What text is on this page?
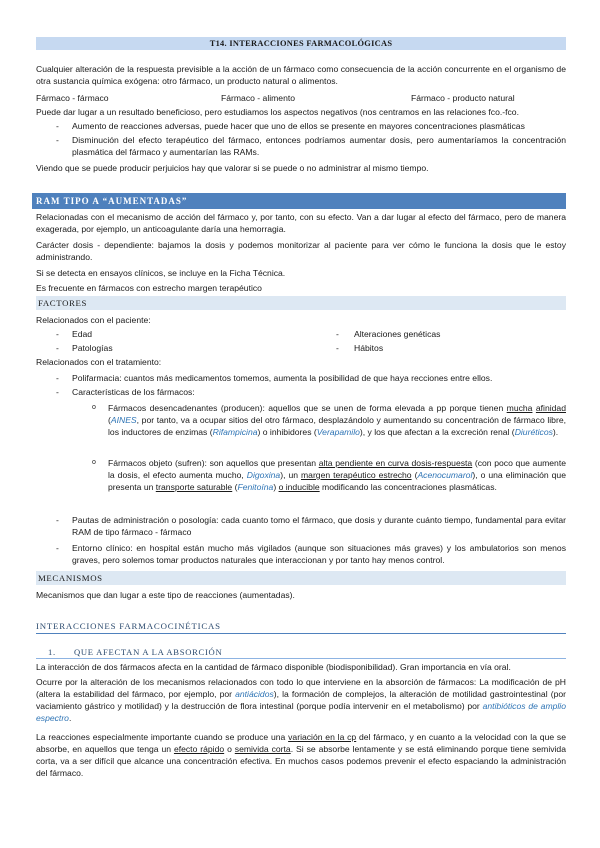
T14. INTERACCIONES FARMACOLÓGICAS
Cualquier alteración de la respuesta previsible a la acción de un fármaco como consecuencia de la acción concurrente en el organismo de otra sustancia química exógena: otro fármaco, un producto natural o alimentos.
Fármaco - fármaco	Fármaco - alimento	Fármaco - producto natural
Puede dar lugar a un resultado beneficioso, pero estudiamos los aspectos negativos (nos centramos en las relaciones fco.-fco.
-	Aumento de reacciones adversas, puede hacer que uno de ellos se presente en mayores concentraciones plasmáticas
-	Disminución del efecto terapéutico del fármaco, entonces podríamos aumentar dosis, pero aumentaríamos la concentración plasmática del fármaco y aumentarían las RAMs.
Viendo que se puede producir perjuicios hay que valorar si se puede o no administrar al mismo tiempo.
RAM TIPO A “AUMENTADAS”
Relacionadas con el mecanismo de acción del fármaco y, por tanto, con su efecto. Van a dar lugar al efecto del fármaco, pero de manera exagerada, por ejemplo, un anticoagulante daría una hemorragia.
Carácter dosis - dependiente: bajamos la dosis y podemos monitorizar al paciente para ver cómo le funciona la dosis que le estoy administrando.
Si se detecta en ensayos clínicos, se incluye en la Ficha Técnica.
Es frecuente en fármacos con estrecho margen terapéutico
FACTORES
Relacionados con el paciente:
- Edad
- Patologías
- Alteraciones genéticas
- Hábitos
Relacionados con el tratamiento:
-	Polifarmacia: cuantos más medicamentos tomemos, aumenta la posibilidad de que haya recciones entre ellos.
-	Características de los fármacos:
o Fármacos desencadenantes (producen): aquellos que se unen de forma elevada a pp porque tienen mucha afinidad (AINES, por tanto, va a ocupar sitios del otro fármaco, desplazándolo y aumentando su concentración de fármaco libre, los inductores de enzimas (Rifampicina) o inhibidores (Verapamilo), y los que afectan a la excreción renal (Diuréticos).
o Fármacos objeto (sufren): son aquellos que presentan alta pendiente en curva dosis-respuesta (con poco que aumente la dosis, el efecto aumenta mucho, Digoxina), un margen terapéutico estrecho (Acenocumarol), o una eliminación que presenta un transporte saturable (Fenitoína) o inducible modificando las concentraciones plasmáticas.
-	Pautas de administración o posología: cada cuanto tomo el fármaco, que dosis y durante cuánto tiempo, fundamental para evitar RAM de tipo fármaco - fármaco
-	Entorno clínico: en hospital están mucho más vigilados (aunque son situaciones más graves) y los ambulatorios son menos graves, pero solemos tomar productos naturales que interaccionan y por tanto hay menos control.
MECANISMOS
Mecanismos que dan lugar a este tipo de reacciones (aumentadas).
INTERACCIONES FARMACOCINÉTICAS
1. QUE AFECTAN A LA ABSORCIÓN
La interacción de dos fármacos afecta en la cantidad de fármaco disponible (biodisponibilidad). Gran importancia en vía oral.
Ocurre por la alteración de los mecanismos relacionados con todo lo que interviene en la absorción de fármacos: La modificación de pH (altera la estabilidad del fármaco, por ejemplo, por antiácidos), la formación de complejos, la alteración de motilidad gastrointestinal (por vaciamiento gástrico y motilidad) y la destrucción de flora intestinal (porque podía intervenir en el metabolismo) por antibióticos de amplio espectro.
La reacciones especialmente importante cuando se produce una variación en la cp del fármaco, y en cuanto a la velocidad con la que se absorbe, en aquellos que tenga un efecto rápido o semivida corta. Si se absorbe lentamente y se está eliminando porque tiene semivida corta, va a ser difícil que alcance una concentración efectiva. En muchos casos podemos prevenir el efecto espaciando la administración del fármaco.
